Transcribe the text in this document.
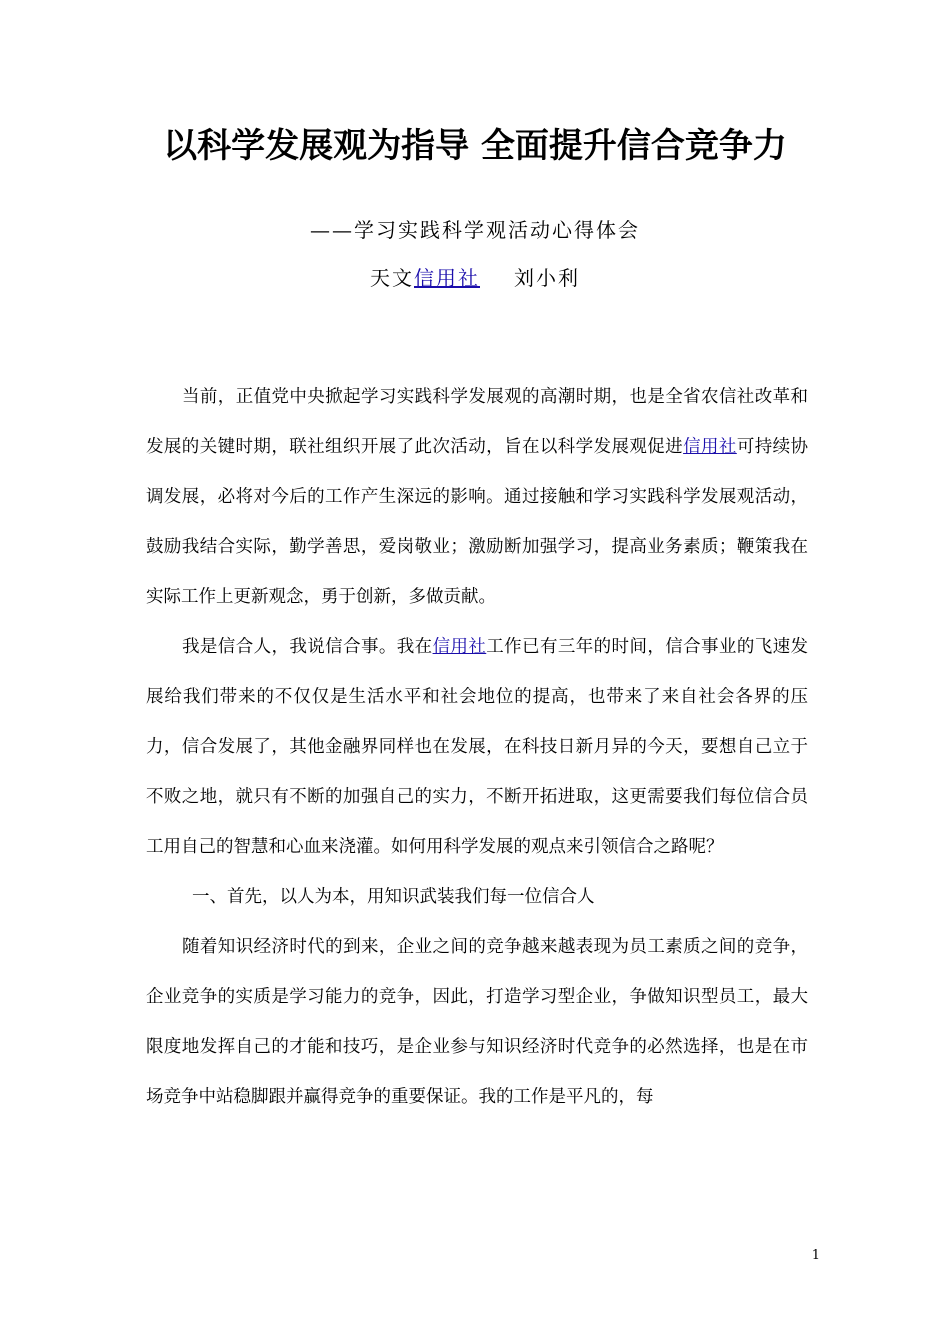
以科学发展观为指导 全面提升信合竞争力
——学习实践科学观活动心得体会
天文信用社 刘小利

当前，正值党中央掀起学习实践科学发展观的高潮时期，也是全省农信社改革和发展的关键时期，联社组织开展了此次活动，旨在以科学发展观促进信用社可持续协调发展，必将对今后的工作产生深远的影响。通过接触和学习实践科学发展观活动，鼓励我结合实际，勤学善思，爱岗敬业；激励断加强学习，提高业务素质；鞭策我在实际工作上更新观念，勇于创新，多做贡献。

我是信合人，我说信合事。我在信用社工作已有三年的时间，信合事业的飞速发展给我们带来的不仅仅是生活水平和社会地位的提高，也带来了来自社会各界的压力，信合发展了，其他金融界同样也在发展，在科技日新月异的今天，要想自己立于不败之地，就只有不断的加强自己的实力，不断开拓进取，这更需要我们每位信合员工用自己的智慧和心血来浇灌。如何用科学发展的观点来引领信合之路呢？

一、首先，以人为本，用知识武装我们每一位信合人

随着知识经济时代的到来，企业之间的竞争越来越表现为员工素质之间的竞争，企业竞争的实质是学习能力的竞争，因此，打造学习型企业，争做知识型员工，最大限度地发挥自己的才能和技巧，是企业参与知识经济时代竞争的必然选择，也是在市场竞争中站稳脚跟并赢得竞争的重要保证。我的工作是平凡的，每

1
